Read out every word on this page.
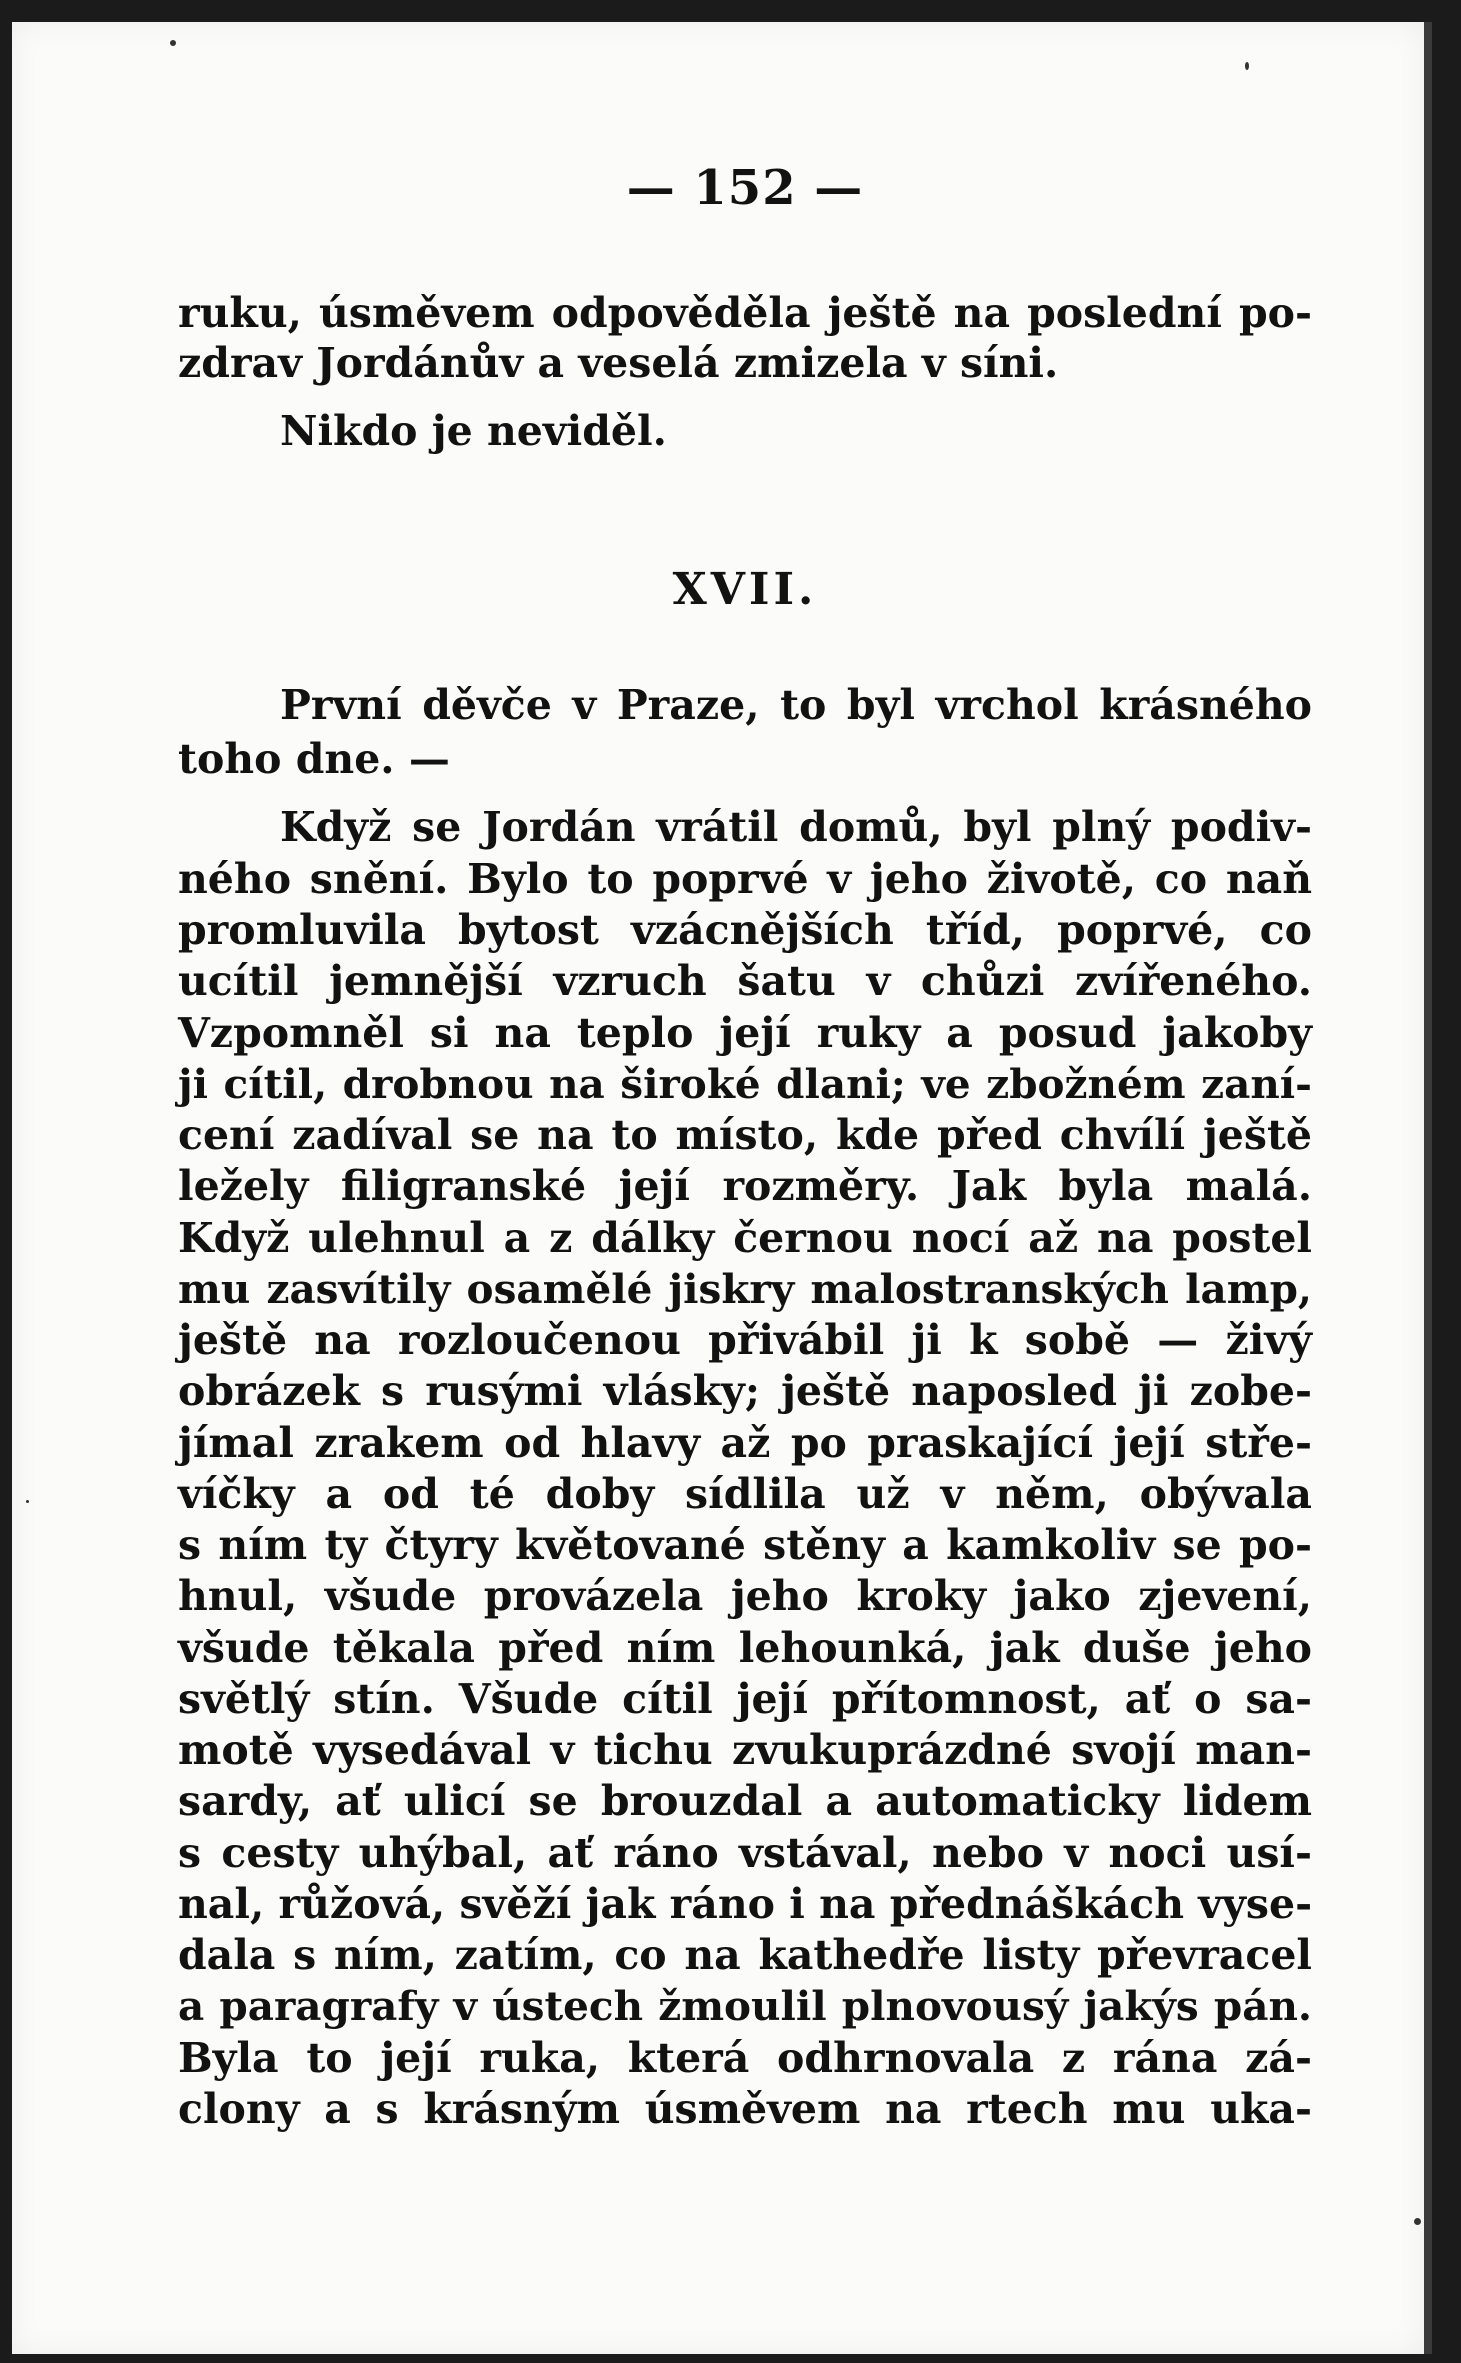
— 152 —
ruku, úsměvem odpověděla ještě na poslední po-
zdrav Jordánův a veselá zmizela v síni.
Nikdo je neviděl.
XVII.
První děvče v Praze, to byl vrchol krásného
toho dne. —
Když se Jordán vrátil domů, byl plný podiv-
ného snění. Bylo to poprvé v jeho životě, co naň
promluvila bytost vzácnějších tříd, poprvé, co
ucítil jemnější vzruch šatu v chůzi zvířeného.
Vzpomněl si na teplo její ruky a posud jakoby
ji cítil, drobnou na široké dlani; ve zbožném zaní-
cení zadíval se na to místo, kde před chvílí ještě
ležely filigranské její rozměry. Jak byla malá.
Když ulehnul a z dálky černou nocí až na postel
mu zasvítily osamělé jiskry malostranských lamp,
ještě na rozloučenou přivábil ji k sobě — živý
obrázek s rusými vlásky; ještě naposled ji zobe-
jímal zrakem od hlavy až po praskající její stře-
víčky a od té doby sídlila už v něm, obývala
s ním ty čtyry květované stěny a kamkoliv se po-
hnul, všude provázela jeho kroky jako zjevení,
všude těkala před ním lehounká, jak duše jeho
světlý stín. Všude cítil její přítomnost, ať o sa-
motě vysedával v tichu zvukuprázdné svojí man-
sardy, ať ulicí se brouzdal a automaticky lidem
s cesty uhýbal, ať ráno vstával, nebo v noci usí-
nal, růžová, svěží jak ráno i na přednáškách vyse-
dala s ním, zatím, co na kathedře listy převracel
a paragrafy v ústech žmoulil plnovousý jakýs pán.
Byla to její ruka, která odhrnovala z rána zá-
clony a s krásným úsměvem na rtech mu uka-
